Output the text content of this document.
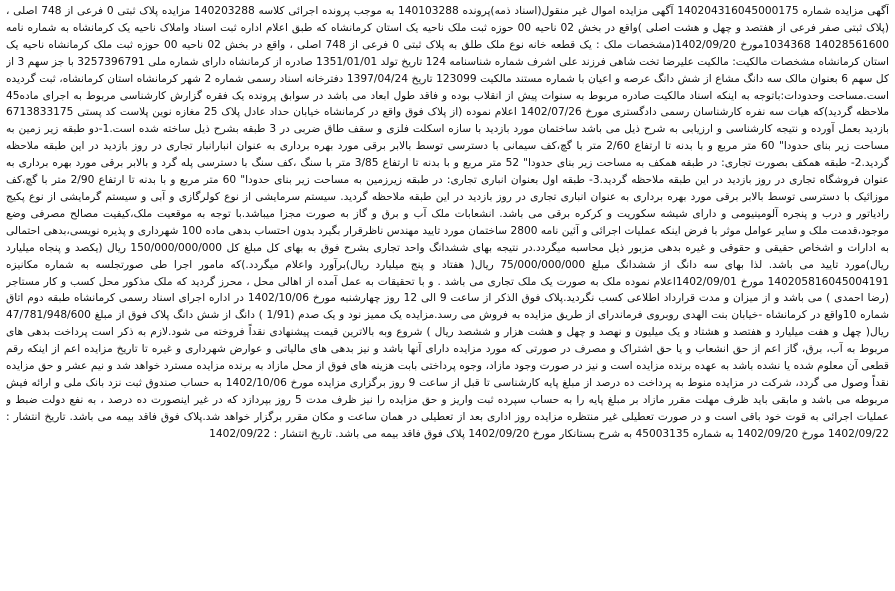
آگهی مزایده شماره 140204316045000175 آگهی مزایده اموال غیر منقول(اسناد ذمه)پرونده 140103288 به موجب پرونده اجرائی کلاسه 140203288 مزایده پلاک ثبتی 0 فرعی از 748 اصلی ، (پلاک ثبتی صفر فرعی از هفتصد و چهل و هشت اصلی )واقع در بخش 02 ناحیه 00 حوزه ثبت ملک ناحیه یک استان کرمانشاه که طبق اعلام اداره ثبت اسناد واملاک ناحیه یک کرمانشاه به شماره نامه 14028561600 1034368مورخ 1402/09/20(مشخصات ملک : یک قطعه خانه نوع ملک طلق به پلاک ثبتی 0 فرعی از 748 اصلی ، واقع در بخش 02 ناحیه 00 حوزه ثبت ملک کرمانشاه ناحیه یک استان کرمانشاه مشخصات مالکیت: مالکیت علیرضا تخت شاهی فرزند علی اشرف شماره شناسنامه 124 تاریخ تولد 1351/01/01 صادره از کرمانشاه دارای شماره ملی 3257396791 با جز سهم 3 از کل سهم 6 بعنوان مالک سه دانگ مشاع از شش دانگ عرصه و اعیان با شماره مستند مالکیت 123099 تاریخ 1397/04/24 دفترخانه اسناد رسمی شماره 2 شهر کرمانشاه استان کرمانشاه، ثبت گردیده است.مساحت وحدودات:باتوجه به اینکه اسناد مالکیت صادره مربوط به سنوات پیش از انقلاب بوده و فاقد طول ابعاد می باشد در سوابق پرونده یک فقره گزارش کارشناسی مربوط به اجرای ماده45 ملاحظه گردید)که هیات سه نفره کارشناسان رسمی دادگستری مورخ 1402/07/26 اعلام نموده (از پلاک فوق واقع در کرمانشاه خیابان حداد عادل پلاک 25 مغازه نوین پلاست کد پستی 6713833175 بازدید بعمل آورده و نتیجه کارشناسی و ارزیابی به شرح ذیل می باشد ساختمان مورد بازدید با سازه اسکلت فلزی و سقف طاق ضربی در 3 طبقه بشرح ذیل ساخته شده است.1-دو طبقه زیر زمین به مساحت زیر بنای حدودا" 60 متر مربع و با بدنه تا ارتفاع 2/60 متر با گچ،کف سیمانی با دسترسی توسط بالابر برقی مورد بهره برداری به عنوان انبارانبار تجاری در روز بازدید در این طبقه ملاحظه گردید.2- طبقه همکف بصورت تجاری: در طبقه همکف به مساحت زیر بنای حدودا" 52 متر مربع و با بدنه تا ارتفاع 3/85 متر با سنگ ،کف سنگ با دسترسی پله گرد و بالابر برقی مورد بهره برداری به عنوان فروشگاه تجاری در روز بازدید در این طبقه ملاحظه گردید.3- طبقه اول بعنوان انباری تجاری: در طبقه زیرزمین به مساحت زیر بنای حدودا" 60 متر مربع و با بدنه تا ارتفاع 2/90 متر با گچ،کف موزائیک با دسترسی توسط بالابر برقی مورد بهره برداری به عنوان انباری تجاری در روز بازدید در این طبقه ملاحظه گردید. سیستم سرمایشی از نوع کولرگازی و آبی و سیستم گرمایشی از نوع پکیج رادیاتور و درب و پنجره آلومینیومی و دارای شیشه سکوریت و کرکره برقی می باشد. انشعابات ملک آب و برق و گاز به صورت مجزا میباشد.با توجه به موقعیت ملک،کیفیت مصالح مصرفی وضع موجود،قدمت ملک و سایر عوامل موثر با فرض اینکه عملیات اجرائی و آئین نامه 2800 ساختمان مورد تایید مهندس ناظرقرار بگیرد بدون احتساب بدهی ماده 100 شهرداری و پذیره نویسی،بدهی احتمالی به ادارات و اشخاص حقیقی و حقوقی و غیره بدهی مزبور ذیل محاسبه میگردد.در نتیجه بهای ششدانگ واحد تجاری بشرح فوق به بهای کل مبلغ کل 150/000/000/000 ریال (یکصد و پنجاه میلیارد ریال)مورد تایید می باشد. لذا بهای سه دانگ از ششدانگ مبلغ 75/000/000/000 ریال( هفتاد و پنج میلیارد ریال)برآورد واعلام میگردد.)که مامور اجرا طی صورتجلسه به شماره مکانیزه 140205816045004191 مورخ 1402/09/01اعلام نموده ملک به صورت یک ملک تجاری می باشد . و با تحقیقات به عمل آمده از اهالی محل ، محرز گردید که ملک مذکور محل کسب و کار مستاجر (رضا احمدی ) می باشد و از میزان و مدت قرارداد اطلاعی کسب نگردید.پلاک فوق الذکر از ساعت 9 الی 12 روز چهارشنبه مورخ 1402/10/06 در اداره اجرای اسناد رسمی کرمانشاه طبقه دوم اتاق شماره 10واقع در کرمانشاه -خیابان بنت الهدی روبروی فرماندرای از طریق مزایده به فروش می رسد.مزایده یک ممیز نود و یک صدم (1/91 ) دانگ از شش دانگ پلاک فوق از مبلغ 47/781/948/600 ریال( چهل و هفت میلیارد و هفتصد و هشتاد و یک میلیون و نهصد و چهل و هشت هزار و ششصد ریال ) شروع وبه بالاترین قیمت پیشنهادی نقداً فروخته می شود.لازم به ذکر است پرداخت بدهی های مربوط به آب، برق، گاز اعم از حق انشعاب و یا حق اشتراک و مصرف در صورتی که مورد مزایده دارای آنها باشد و نیز بدهی های مالیاتی و عوارض شهرداری و غیره تا تاریخ مزایده اعم از اینکه رقم قطعی آن معلوم شده یا نشده باشد به عهده برنده مزایده است و نیز در صورت وجود مازاد، وجوه پرداختی بابت هزینه های فوق از محل مازاد به برنده مزایده مسترد خواهد شد و نیم عشر و حق مزایده نقداً وصول می گردد، شرکت در مزایده منوط به پرداخت ده درصد از مبلغ پایه کارشناسی تا قبل از ساعت 9 روز برگزاری مزایده مورخ 1402/10/06 به حساب صندوق ثبت نزد بانک ملی و ارائه فیش مربوطه می باشد و مابقی باید ظرف مهلت مقرر مازاد بر مبلغ پایه را به حساب سپرده ثبت واریز و حق مزایده را نیز ظرف مدت 5 روز بپردازد که در غیر اینصورت ده درصد ، به نفع دولت ضبط و عملیات اجرائی به قوت خود باقی است و در صورت تعطیلی غیر منتظره مزایده روز اداری بعد از تعطیلی در همان ساعت و مکان مقرر برگزار خواهد شد.پلاک فوق فاقد بیمه می باشد. تاریخ انتشار : 1402/09/22 مورخ 1402/09/20 به شماره 45003135 به شرح بستانکار مورخ 1402/09/20 پلاک فوق فاقد بیمه می باشد. تاریخ انتشار : 1402/09/22
